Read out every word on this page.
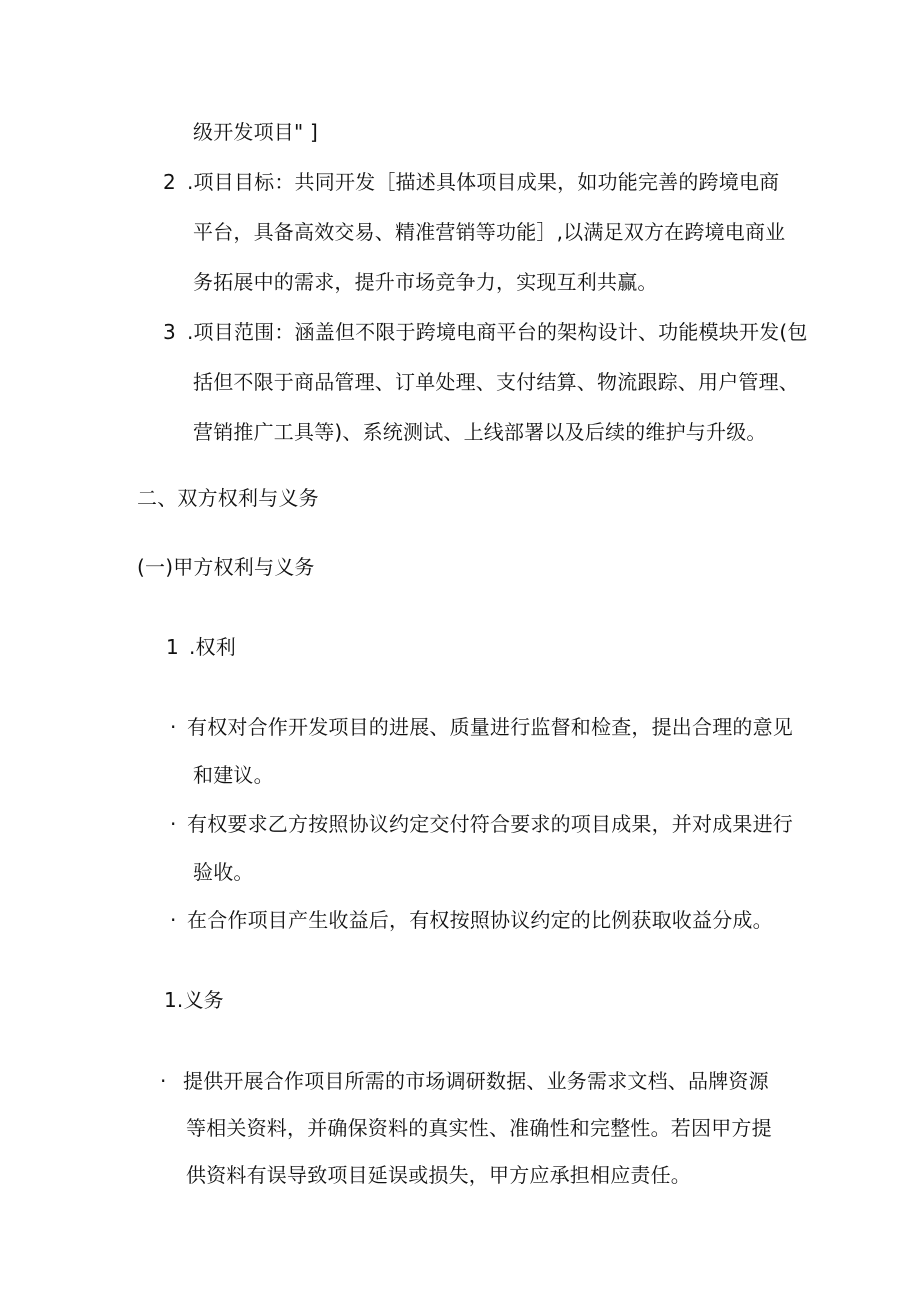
级开发项目" ]
2 .项目目标：共同开发［描述具体项目成果，如功能完善的跨境电商
平台，具备高效交易、精准营销等功能］,以满足双方在跨境电商业
务拓展中的需求，提升市场竞争力，实现互利共赢。
3 .项目范围：涵盖但不限于跨境电商平台的架构设计、功能模块开发(包
括但不限于商品管理、订单处理、支付结算、物流跟踪、用户管理、
营销推广工具等)、系统测试、上线部署以及后续的维护与升级。
二、双方权利与义务
(一)甲方权利与义务
1 .权利
· 有权对合作开发项目的进展、质量进行监督和检查，提出合理的意见
和建议。
· 有权要求乙方按照协议约定交付符合要求的项目成果，并对成果进行
验收。
· 在合作项目产生收益后，有权按照协议约定的比例获取收益分成。
1.义务
· 提供开展合作项目所需的市场调研数据、业务需求文档、品牌资源
等相关资料，并确保资料的真实性、准确性和完整性。若因甲方提
供资料有误导致项目延误或损失，甲方应承担相应责任。
